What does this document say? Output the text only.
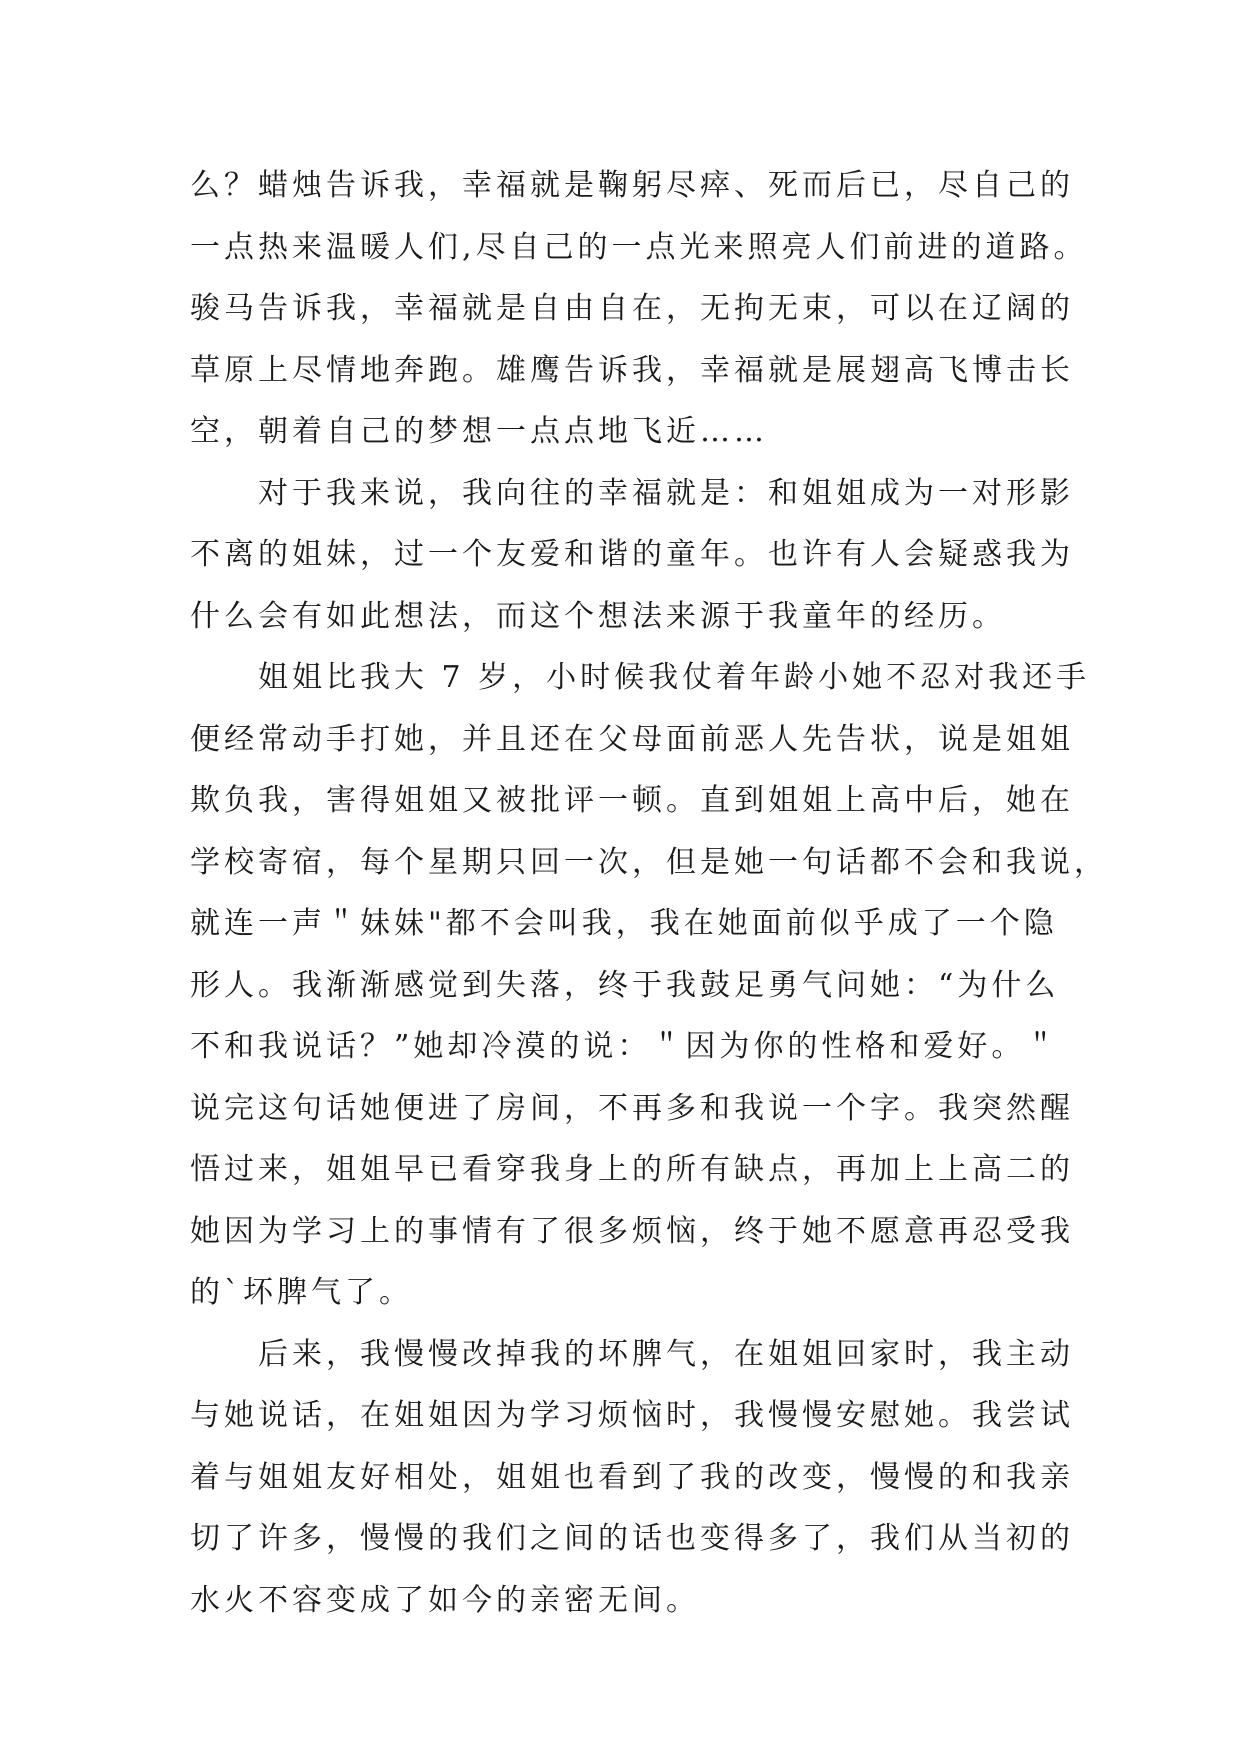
么？蜡烛告诉我，幸福就是鞠躬尽瘁、死而后已，尽自己的
一点热来温暖人们,尽自己的一点光来照亮人们前进的道路。
骏马告诉我，幸福就是自由自在，无拘无束，可以在辽阔的
草原上尽情地奔跑。雄鹰告诉我，幸福就是展翅高飞博击长
空，朝着自己的梦想一点点地飞近……
对于我来说，我向往的幸福就是：和姐姐成为一对形影
不离的姐妹，过一个友爱和谐的童年。也许有人会疑惑我为
什么会有如此想法，而这个想法来源于我童年的经历。
姐姐比我大 7 岁，小时候我仗着年龄小她不忍对我还手
便经常动手打她，并且还在父母面前恶人先告状，说是姐姐
欺负我，害得姐姐又被批评一顿。直到姐姐上高中后，她在
学校寄宿，每个星期只回一次，但是她一句话都不会和我说，
就连一声＂妹妹"都不会叫我，我在她面前似乎成了一个隐
形人。我渐渐感觉到失落，终于我鼓足勇气问她：“为什么
不和我说话？”她却冷漠的说：＂因为你的性格和爱好。＂
说完这句话她便进了房间，不再多和我说一个字。我突然醒
悟过来，姐姐早已看穿我身上的所有缺点，再加上上高二的
她因为学习上的事情有了很多烦恼，终于她不愿意再忍受我
的`坏脾气了。
后来，我慢慢改掉我的坏脾气，在姐姐回家时，我主动
与她说话，在姐姐因为学习烦恼时，我慢慢安慰她。我尝试
着与姐姐友好相处，姐姐也看到了我的改变，慢慢的和我亲
切了许多，慢慢的我们之间的话也变得多了，我们从当初的
水火不容变成了如今的亲密无间。
